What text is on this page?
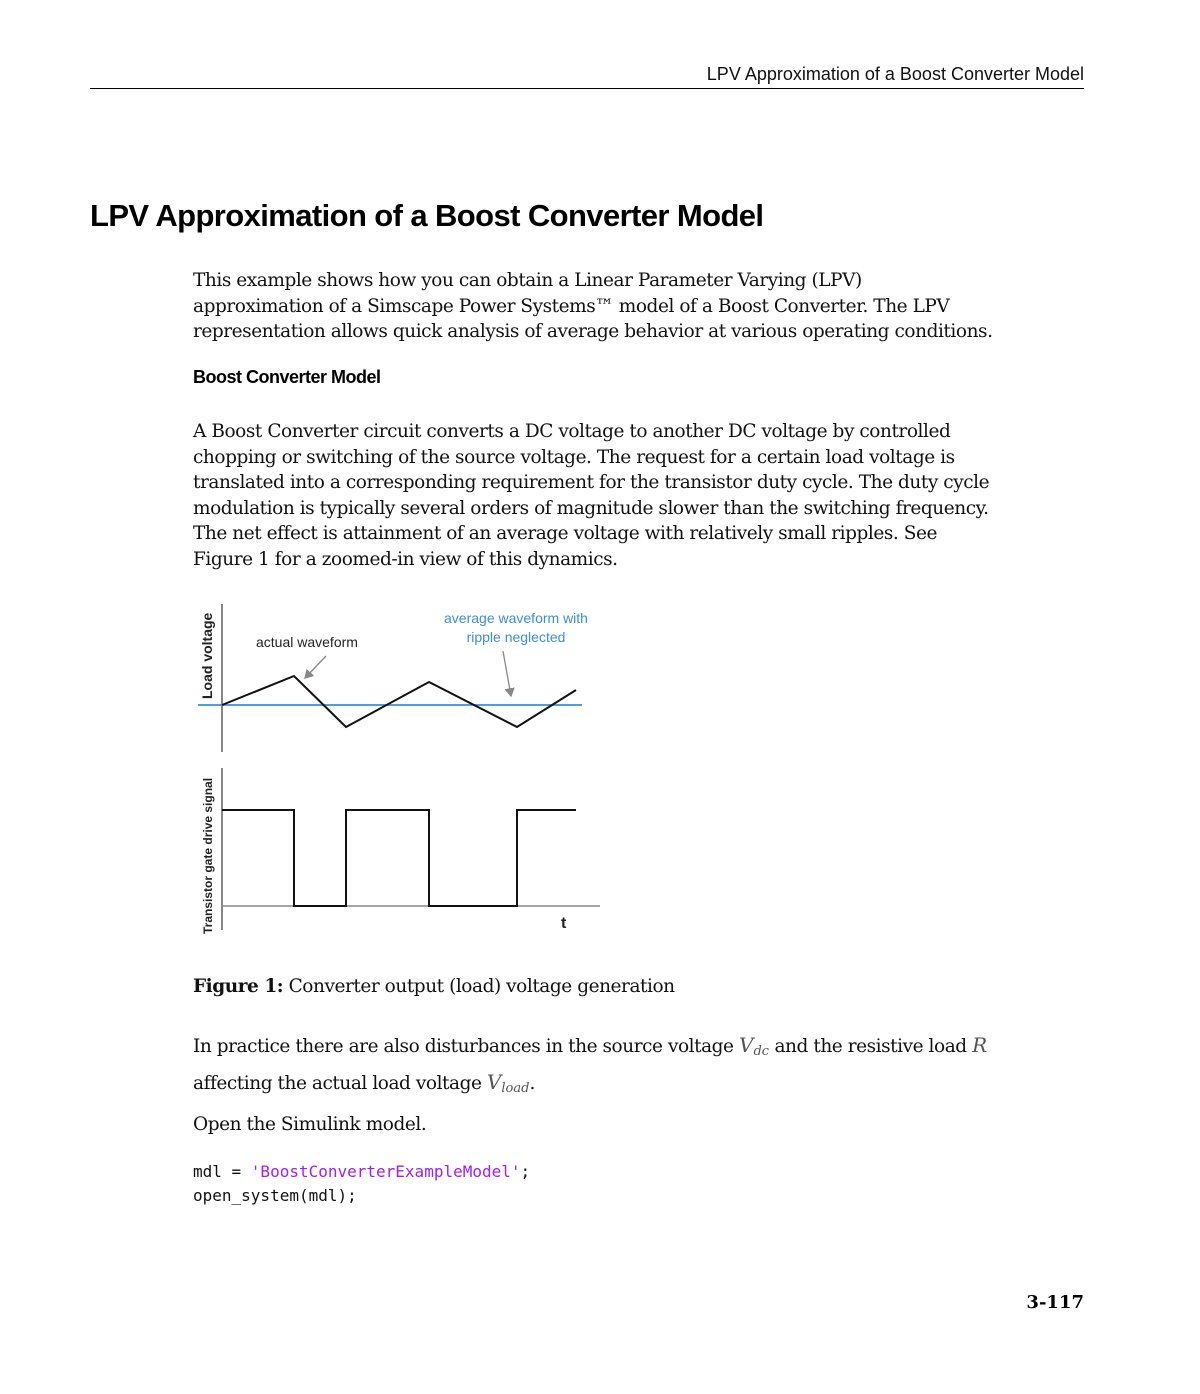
LPV Approximation of a Boost Converter Model
LPV Approximation of a Boost Converter Model

This example shows how you can obtain a Linear Parameter Varying (LPV)
approximation of a Simscape Power Systems™ model of a Boost Converter. The LPV
representation allows quick analysis of average behavior at various operating conditions.

Boost Converter Model

A Boost Converter circuit converts a DC voltage to another DC voltage by controlled
chopping or switching of the source voltage. The request for a certain load voltage is
translated into a corresponding requirement for the transistor duty cycle. The duty cycle
modulation is typically several orders of magnitude slower than the switching frequency.
The net effect is attainment of an average voltage with relatively small ripples. See
Figure 1 for a zoomed-in view of this dynamics.

Load voltage	actual waveform
average waveform with
ripple neglected
Transistor gate drive signal	t

Figure 1: Converter output (load) voltage generation

In practice there are also disturbances in the source voltage $V_{dc}$ and the resistive load R
affecting the actual load voltage $V_{load}$.

Open the Simulink model.

mdl = 'BoostConverterExampleModel';
open_system(mdl);
3-117
